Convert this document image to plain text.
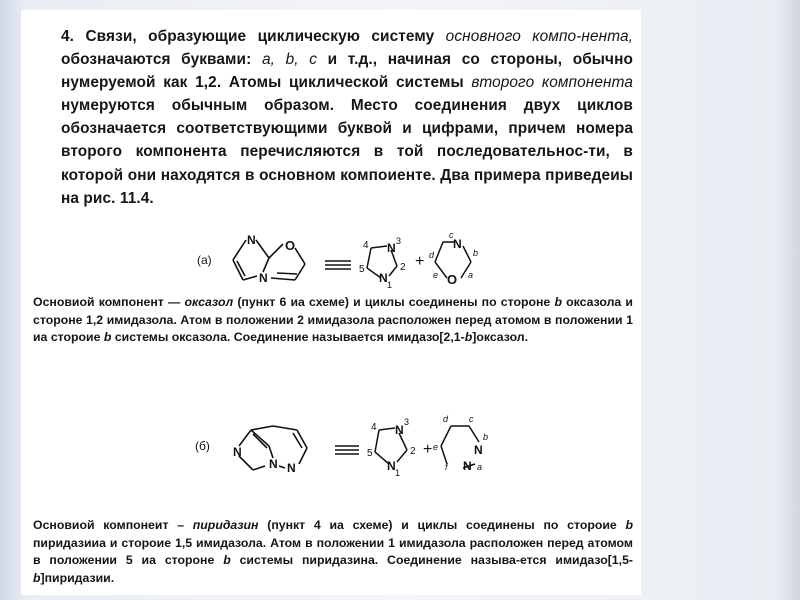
4. Связи, образующие циклическую систему основного компо-нента, обозначаются буквами: a, b, c и т.д., начиная со стороны, обычно нумеруемой как 1,2. Атомы циклической системы второго компонента нумеруются обычным образом. Место соединения двух циклов обозначается соответствующими буквой и цифрами, причем номера второго компонента перечисляются в той последовательнос-ти, в которой они находятся в основном компоиенте. Два примера приведеиы на рис. 11.4.
(а)
N O
N
4 N 3
5	2
N 1
+
N
O
c
b
d
a
e
Основиой компонент — оксазол (пункт 6 иа схеме) и циклы соединены по стороне b оксазола и стороне 1,2 имидазола. Атом в положении 2 имидазола расположен перед атомом в положении 1 иа стороие b системы оксазола. Соединение называется имидазо[2,1-b]оксазол.
(б) N
N N
4 N
3
5	2
N 1
+	N
N
d c
b
e
f	a
Основиой компонеит – пиридазин (пункт 4 иа схеме) и циклы соединены по стороие b пиридазииа и стороие 1,5 имидазола. Атом в положении 1 имидазола расположен перед атомом в положении 5 иа стороне b системы пиридазина. Соединение называ-ется имидазо[1,5-b]пиридазии.
